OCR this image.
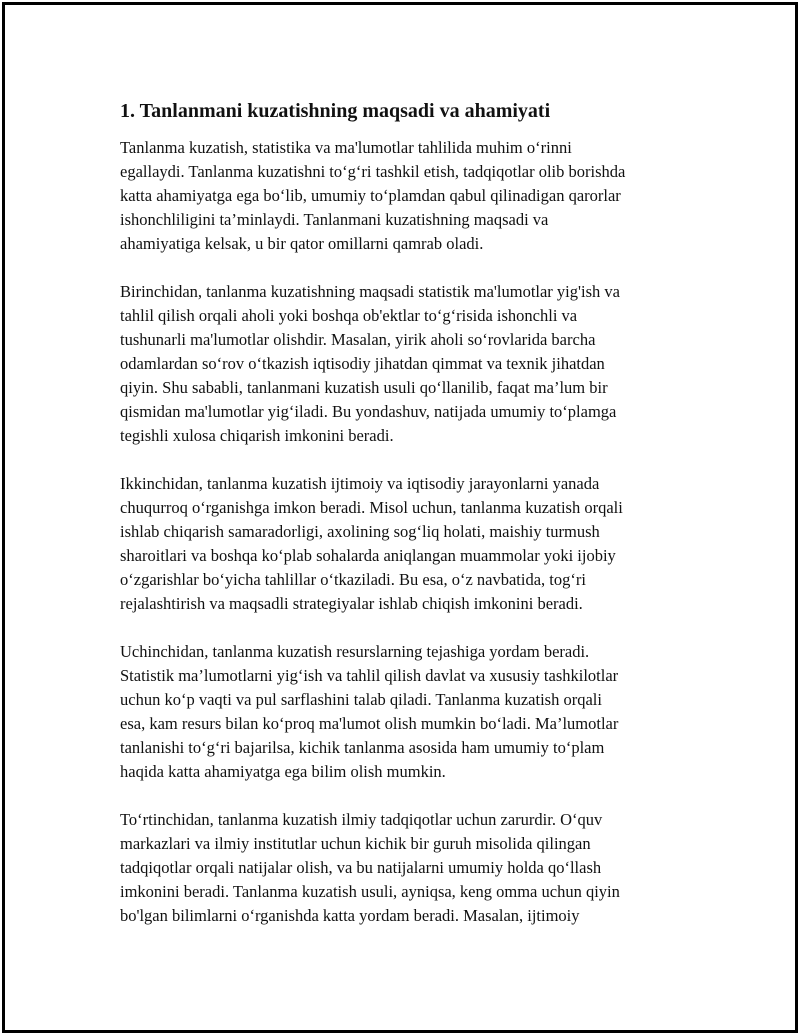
1. Tanlanmani kuzatishning maqsadi va ahamiyati

Tanlanma kuzatish, statistika va ma'lumotlar tahlilida muhim o‘rinni
egallaydi. Tanlanma kuzatishni to‘g‘ri tashkil etish, tadqiqotlar olib borishda
katta ahamiyatga ega bo‘lib, umumiy to‘plamdan qabul qilinadigan qarorlar
ishonchliligini ta’minlaydi. Tanlanmani kuzatishning maqsadi va
ahamiyatiga kelsak, u bir qator omillarni qamrab oladi.

Birinchidan, tanlanma kuzatishning maqsadi statistik ma'lumotlar yig'ish va
tahlil qilish orqali aholi yoki boshqa ob'ektlar to‘g‘risida ishonchli va
tushunarli ma'lumotlar olishdir. Masalan, yirik aholi so‘rovlarida barcha
odamlardan so‘rov o‘tkazish iqtisodiy jihatdan qimmat va texnik jihatdan
qiyin. Shu sababli, tanlanmani kuzatish usuli qo‘llanilib, faqat ma’lum bir
qismidan ma'lumotlar yig‘iladi. Bu yondashuv, natijada umumiy to‘plamga
tegishli xulosa chiqarish imkonini beradi.

Ikkinchidan, tanlanma kuzatish ijtimoiy va iqtisodiy jarayonlarni yanada
chuqurroq o‘rganishga imkon beradi. Misol uchun, tanlanma kuzatish orqali
ishlab chiqarish samaradorligi, axolining sog‘liq holati, maishiy turmush
sharoitlari va boshqa ko‘plab sohalarda aniqlangan muammolar yoki ijobiy
o‘zgarishlar bo‘yicha tahlillar o‘tkaziladi. Bu esa, o‘z navbatida, tog‘ri
rejalashtirish va maqsadli strategiyalar ishlab chiqish imkonini beradi.

Uchinchidan, tanlanma kuzatish resurslarning tejashiga yordam beradi.
Statistik ma’lumotlarni yig‘ish va tahlil qilish davlat va xususiy tashkilotlar
uchun ko‘p vaqti va pul sarflashini talab qiladi. Tanlanma kuzatish orqali
esa, kam resurs bilan ko‘proq ma'lumot olish mumkin bo‘ladi. Ma’lumotlar
tanlanishi to‘g‘ri bajarilsa, kichik tanlanma asosida ham umumiy to‘plam
haqida katta ahamiyatga ega bilim olish mumkin.

To‘rtinchidan, tanlanma kuzatish ilmiy tadqiqotlar uchun zarurdir. O‘quv
markazlari va ilmiy institutlar uchun kichik bir guruh misolida qilingan
tadqiqotlar orqali natijalar olish, va bu natijalarni umumiy holda qo‘llash
imkonini beradi. Tanlanma kuzatish usuli, ayniqsa, keng omma uchun qiyin
bo'lgan bilimlarni o‘rganishda katta yordam beradi. Masalan, ijtimoiy
